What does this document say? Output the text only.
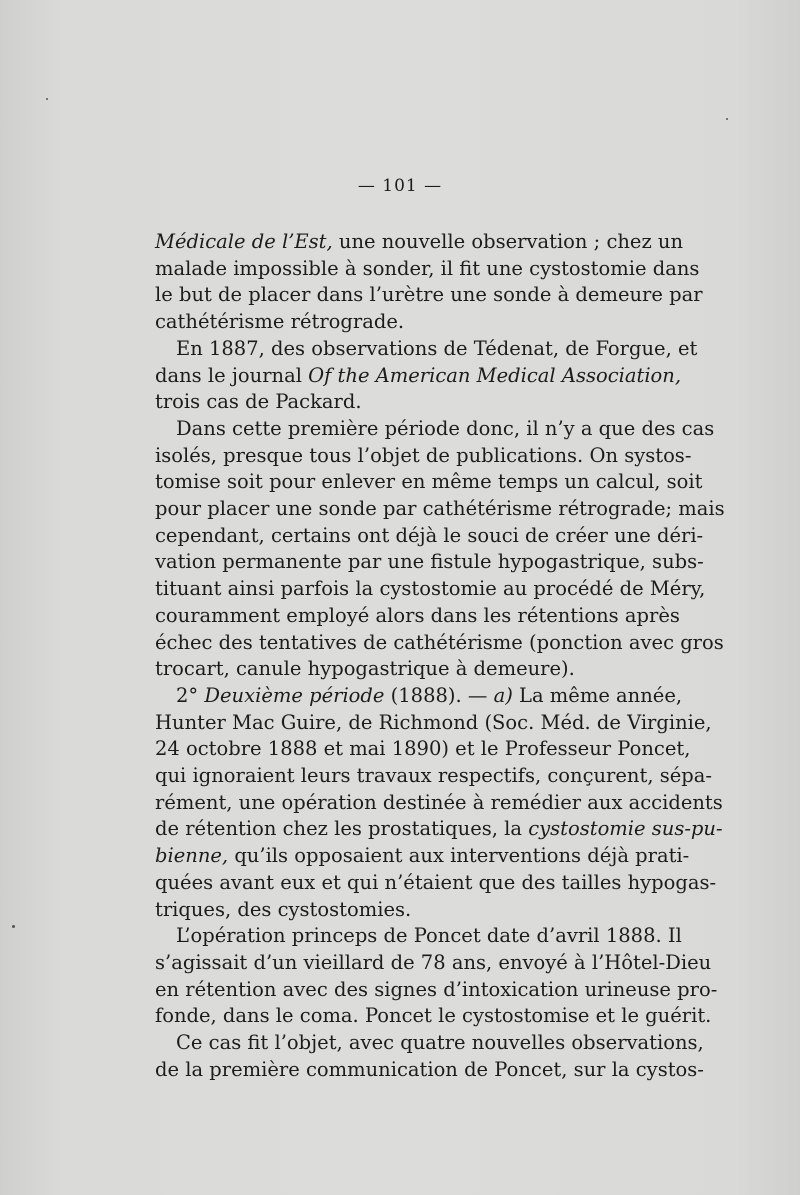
— 101 —
Médicale de l’Est, une nouvelle observation ; chez un
malade impossible à sonder, il fit une cystostomie dans
le but de placer dans l’urètre une sonde à demeure par
cathétérisme rétrograde.
En 1887, des observations de Tédenat, de Forgue, et
dans le journal Of the American Medical Association,
trois cas de Packard.
Dans cette première période donc, il n’y a que des cas
isolés, presque tous l’objet de publications. On systos-
tomise soit pour enlever en même temps un calcul, soit
pour placer une sonde par cathétérisme rétrograde; mais
cependant, certains ont déjà le souci de créer une déri-
vation permanente par une fistule hypogastrique, subs-
tituant ainsi parfois la cystostomie au procédé de Méry,
couramment employé alors dans les rétentions après
échec des tentatives de cathétérisme (ponction avec gros
trocart, canule hypogastrique à demeure).
2° Deuxième période (1888). — a) La même année,
Hunter Mac Guire, de Richmond (Soc. Méd. de Virginie,
24 octobre 1888 et mai 1890) et le Professeur Poncet,
qui ignoraient leurs travaux respectifs, conçurent, sépa-
rément, une opération destinée à remédier aux accidents
de rétention chez les prostatiques, la cystostomie sus-pu-
bienne, qu’ils opposaient aux interventions déjà prati-
quées avant eux et qui n’étaient que des tailles hypogas-
triques, des cystostomies.
L’opération princeps de Poncet date d’avril 1888. Il
s’agissait d’un vieillard de 78 ans, envoyé à l’Hôtel-Dieu
en rétention avec des signes d’intoxication urineuse pro-
fonde, dans le coma. Poncet le cystostomise et le guérit.
Ce cas fit l’objet, avec quatre nouvelles observations,
de la première communication de Poncet, sur la cystos-
